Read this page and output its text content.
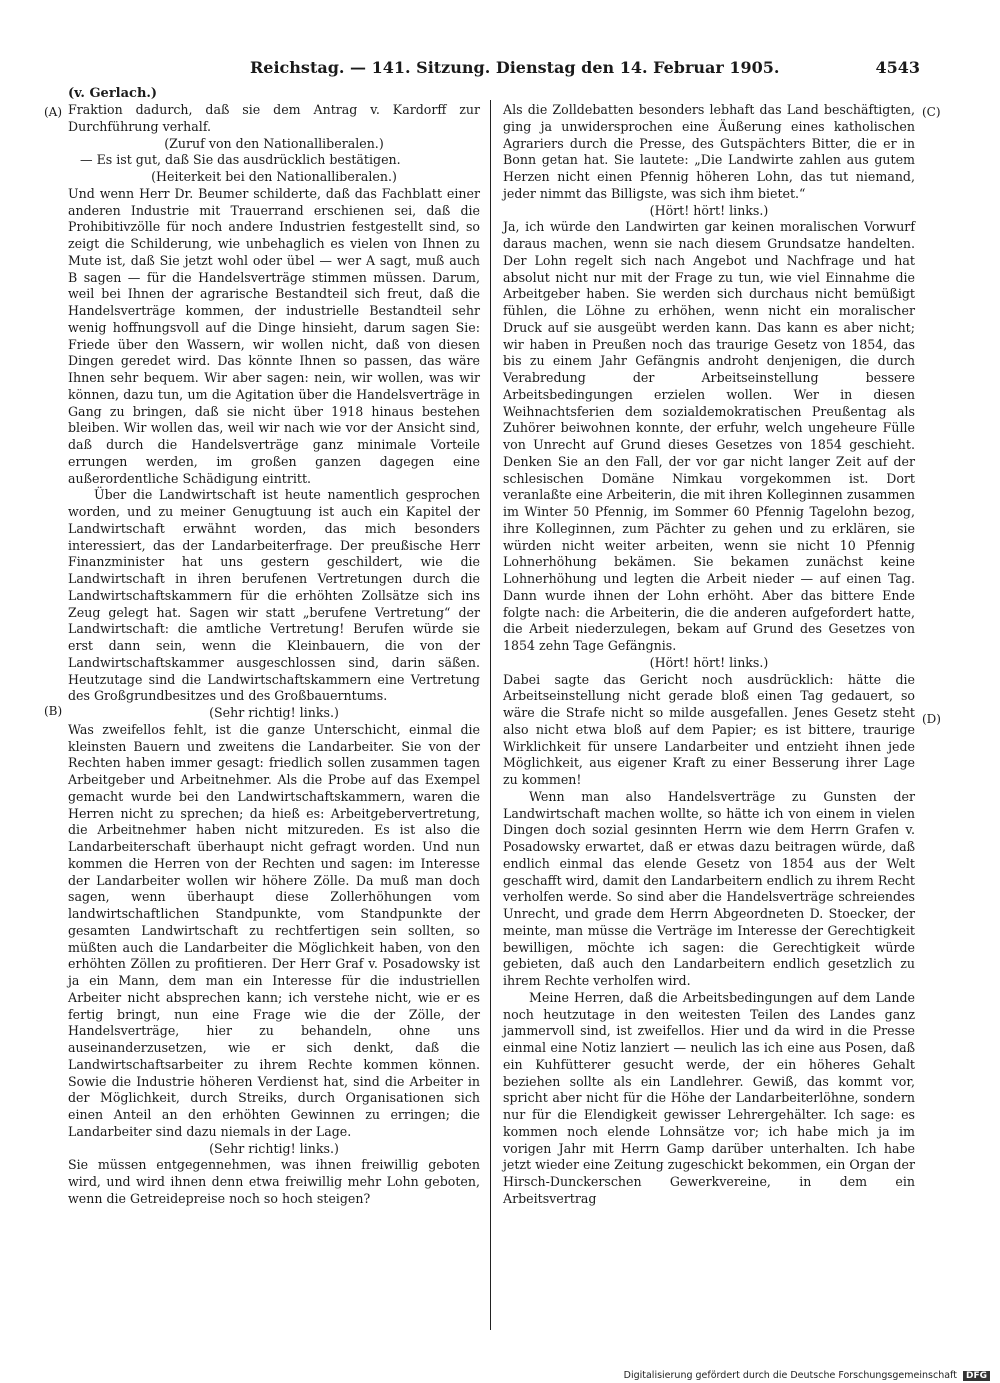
Reichstag. — 141. Sitzung. Dienstag den 14. Februar 1905.	4543
(v. Gerlach.)
(A)
(B)
(C)
(D)

Fraktion dadurch, daß sie dem Antrag v. Kardorff zur Durchführung verhalf.

(Zuruf von den Nationalliberalen.)

— Es ist gut, daß Sie das ausdrücklich bestätigen.

(Heiterkeit bei den Nationalliberalen.)

Und wenn Herr Dr. Beumer schilderte, daß das Fachblatt einer anderen Industrie mit Trauerrand erschienen sei, daß die Prohibitivzölle für noch andere Industrien festgestellt sind, so zeigt die Schilderung, wie unbehaglich es vielen von Ihnen zu Mute ist, daß Sie jetzt wohl oder übel — wer A sagt, muß auch B sagen — für die Handelsverträge stimmen müssen. Darum, weil bei Ihnen der agrarische Bestandteil sich freut, daß die Handelsverträge kommen, der industrielle Bestandteil sehr wenig hoffnungsvoll auf die Dinge hinsieht, darum sagen Sie: Friede über den Wassern, wir wollen nicht, daß von diesen Dingen geredet wird. Das könnte Ihnen so passen, das wäre Ihnen sehr bequem. Wir aber sagen: nein, wir wollen, was wir können, dazu tun, um die Agitation über die Handelsverträge in Gang zu bringen, daß sie nicht über 1918 hinaus bestehen bleiben. Wir wollen das, weil wir nach wie vor der Ansicht sind, daß durch die Handelsverträge ganz minimale Vorteile errungen werden, im großen ganzen dagegen eine außerordentliche Schädigung eintritt.

Über die Landwirtschaft ist heute namentlich gesprochen worden, und zu meiner Genugtuung ist auch ein Kapitel der Landwirtschaft erwähnt worden, das mich besonders interessiert, das der Landarbeiterfrage. Der preußische Herr Finanzminister hat uns gestern geschildert, wie die Landwirtschaft in ihren berufenen Vertretungen durch die Landwirtschaftskammern für die erhöhten Zollsätze sich ins Zeug gelegt hat. Sagen wir statt „berufene Vertretung“ der Landwirtschaft: die amtliche Vertretung! Berufen würde sie erst dann sein, wenn die Kleinbauern, die von der Landwirtschaftskammer ausgeschlossen sind, darin säßen. Heutzutage sind die Landwirtschaftskammern eine Vertretung des Großgrundbesitzes und des Großbauerntums.

(Sehr richtig! links.)

Was zweifellos fehlt, ist die ganze Unterschicht, einmal die kleinsten Bauern und zweitens die Landarbeiter. Sie von der Rechten haben immer gesagt: friedlich sollen zusammen tagen Arbeitgeber und Arbeitnehmer. Als die Probe auf das Exempel gemacht wurde bei den Landwirtschaftskammern, waren die Herren nicht zu sprechen; da hieß es: Arbeitgebervertretung, die Arbeitnehmer haben nicht mitzureden. Es ist also die Landarbeiterschaft überhaupt nicht gefragt worden. Und nun kommen die Herren von der Rechten und sagen: im Interesse der Landarbeiter wollen wir höhere Zölle. Da muß man doch sagen, wenn überhaupt diese Zollerhöhungen vom landwirtschaftlichen Standpunkte, vom Standpunkte der gesamten Landwirtschaft zu rechtfertigen sein sollten, so müßten auch die Landarbeiter die Möglichkeit haben, von den erhöhten Zöllen zu profitieren. Der Herr Graf v. Posadowsky ist ja ein Mann, dem man ein Interesse für die industriellen Arbeiter nicht absprechen kann; ich verstehe nicht, wie er es fertig bringt, nun eine Frage wie die der Zölle, der Handelsverträge, hier zu behandeln, ohne uns auseinanderzusetzen, wie er sich denkt, daß die Landwirtschaftsarbeiter zu ihrem Rechte kommen können. Sowie die Industrie höheren Verdienst hat, sind die Arbeiter in der Möglichkeit, durch Streiks, durch Organisationen sich einen Anteil an den erhöhten Gewinnen zu erringen; die Landarbeiter sind dazu niemals in der Lage.

(Sehr richtig! links.)

Sie müssen entgegennehmen, was ihnen freiwillig geboten wird, und wird ihnen denn etwa freiwillig mehr Lohn geboten, wenn die Getreidepreise noch so hoch steigen?

Als die Zolldebatten besonders lebhaft das Land beschäftigten, ging ja unwidersprochen eine Äußerung eines katholischen Agrariers durch die Presse, des Gutspächters Bitter, die er in Bonn getan hat. Sie lautete: „Die Landwirte zahlen aus gutem Herzen nicht einen Pfennig höheren Lohn, das tut niemand, jeder nimmt das Billigste, was sich ihm bietet.“

(Hört! hört! links.)

Ja, ich würde den Landwirten gar keinen moralischen Vorwurf daraus machen, wenn sie nach diesem Grundsatze handelten. Der Lohn regelt sich nach Angebot und Nachfrage und hat absolut nicht nur mit der Frage zu tun, wie viel Einnahme die Arbeitgeber haben. Sie werden sich durchaus nicht bemüßigt fühlen, die Löhne zu erhöhen, wenn nicht ein moralischer Druck auf sie ausgeübt werden kann. Das kann es aber nicht; wir haben in Preußen noch das traurige Gesetz von 1854, das bis zu einem Jahr Gefängnis androht denjenigen, die durch Verabredung der Arbeitseinstellung bessere Arbeitsbedingungen erzielen wollen. Wer in diesen Weihnachtsferien dem sozialdemokratischen Preußentag als Zuhörer beiwohnen konnte, der erfuhr, welch ungeheure Fülle von Unrecht auf Grund dieses Gesetzes von 1854 geschieht. Denken Sie an den Fall, der vor gar nicht langer Zeit auf der schlesischen Domäne Nimkau vorgekommen ist. Dort veranlaßte eine Arbeiterin, die mit ihren Kolleginnen zusammen im Winter 50 Pfennig, im Sommer 60 Pfennig Tagelohn bezog, ihre Kolleginnen, zum Pächter zu gehen und zu erklären, sie würden nicht weiter arbeiten, wenn sie nicht 10 Pfennig Lohnerhöhung bekämen. Sie bekamen zunächst keine Lohnerhöhung und legten die Arbeit nieder — auf einen Tag. Dann wurde ihnen der Lohn erhöht. Aber das bittere Ende folgte nach: die Arbeiterin, die die anderen aufgefordert hatte, die Arbeit niederzulegen, bekam auf Grund des Gesetzes von 1854 zehn Tage Gefängnis.

(Hört! hört! links.)

Dabei sagte das Gericht noch ausdrücklich: hätte die Arbeitseinstellung nicht gerade bloß einen Tag gedauert, so wäre die Strafe nicht so milde ausgefallen. Jenes Gesetz steht also nicht etwa bloß auf dem Papier; es ist bittere, traurige Wirklichkeit für unsere Landarbeiter und entzieht ihnen jede Möglichkeit, aus eigener Kraft zu einer Besserung ihrer Lage zu kommen!

Wenn man also Handelsverträge zu Gunsten der Landwirtschaft machen wollte, so hätte ich von einem in vielen Dingen doch sozial gesinnten Herrn wie dem Herrn Grafen v. Posadowsky erwartet, daß er etwas dazu beitragen würde, daß endlich einmal das elende Gesetz von 1854 aus der Welt geschafft wird, damit den Landarbeitern endlich zu ihrem Recht verholfen werde. So sind aber die Handelsverträge schreiendes Unrecht, und grade dem Herrn Abgeordneten D. Stoecker, der meinte, man müsse die Verträge im Interesse der Gerechtigkeit bewilligen, möchte ich sagen: die Gerechtigkeit würde gebieten, daß auch den Landarbeitern endlich gesetzlich zu ihrem Rechte verholfen wird.

Meine Herren, daß die Arbeitsbedingungen auf dem Lande noch heutzutage in den weitesten Teilen des Landes ganz jammervoll sind, ist zweifellos. Hier und da wird in die Presse einmal eine Notiz lanziert — neulich las ich eine aus Posen, daß ein Kuhfütterer gesucht werde, der ein höheres Gehalt beziehen sollte als ein Landlehrer. Gewiß, das kommt vor, spricht aber nicht für die Höhe der Landarbeiterlöhne, sondern nur für die Elendigkeit gewisser Lehrergehälter. Ich sage: es kommen noch elende Lohnsätze vor; ich habe mich ja im vorigen Jahr mit Herrn Gamp darüber unterhalten. Ich habe jetzt wieder eine Zeitung zugeschickt bekommen, ein Organ der Hirsch-Dunckerschen Gewerkvereine, in dem ein Arbeitsvertrag

Digitalisierung gefördert durch die Deutsche Forschungsgemeinschaft DFG
